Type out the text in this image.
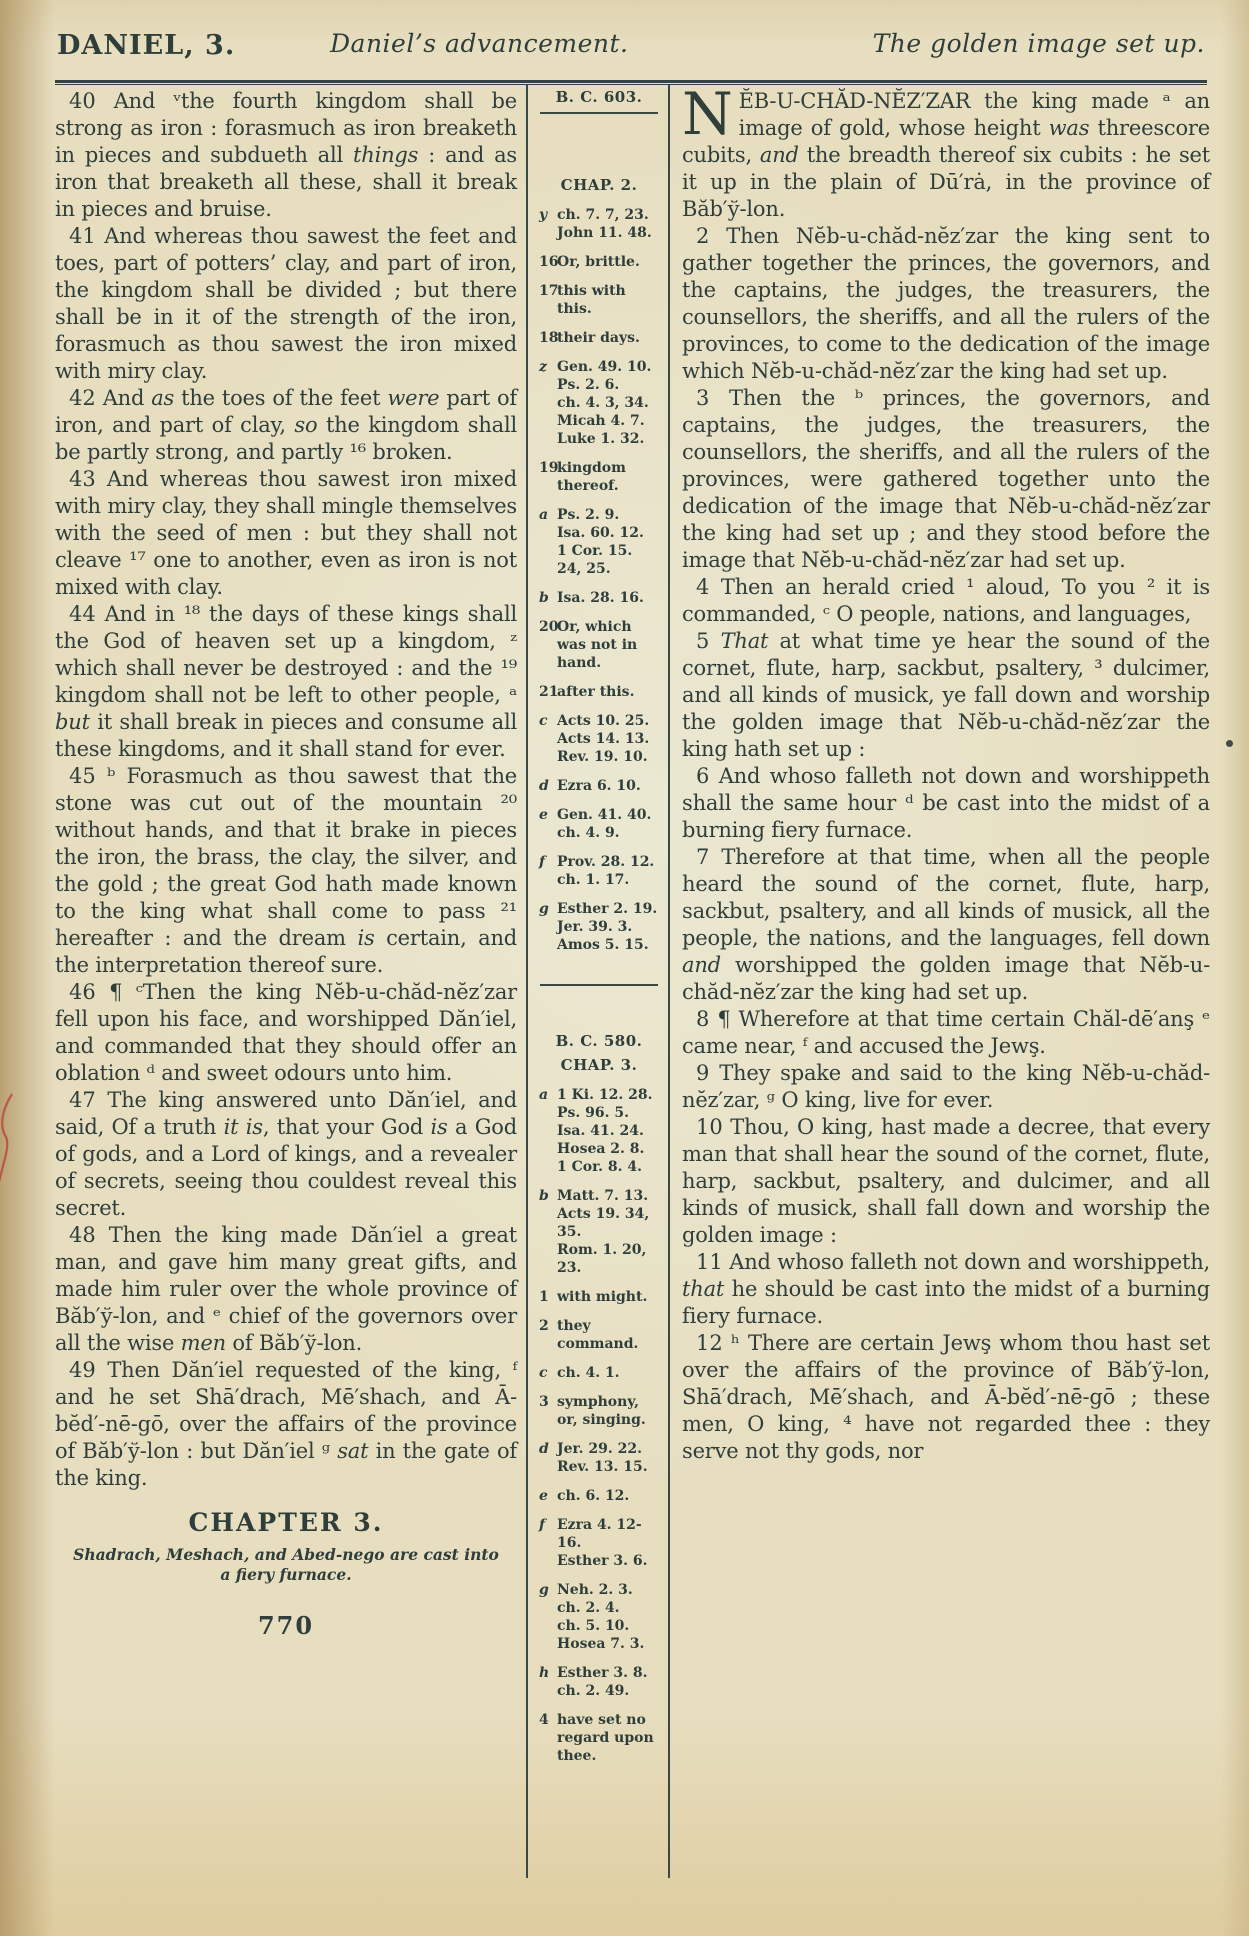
DANIEL, 3.	Daniel’s advancement.	The golden image set up.

40 And ᵛthe fourth kingdom shall be strong as iron : forasmuch as iron breaketh in pieces and subdueth all things : and as iron that breaketh all these, shall it break in pieces and bruise.

41 And whereas thou sawest the feet and toes, part of potters’ clay, and part of iron, the kingdom shall be divided ; but there shall be in it of the strength of the iron, forasmuch as thou sawest the iron mixed with miry clay.

42 And as the toes of the feet were part of iron, and part of clay, so the kingdom shall be partly strong, and partly ¹⁶ broken.

43 And whereas thou sawest iron mixed with miry clay, they shall mingle themselves with the seed of men : but they shall not cleave ¹⁷ one to another, even as iron is not mixed with clay.

44 And in ¹⁸ the days of these kings shall the God of heaven set up a kingdom, ᶻ which shall never be destroyed : and the ¹⁹ kingdom shall not be left to other people, ᵃ but it shall break in pieces and consume all these kingdoms, and it shall stand for ever.

45 ᵇ Forasmuch as thou sawest that the stone was cut out of the mountain ²⁰ without hands, and that it brake in pieces the iron, the brass, the clay, the silver, and the gold ; the great God hath made known to the king what shall come to pass ²¹ hereafter : and the dream is certain, and the interpretation thereof sure.

46 ¶ ᶜThen the king Nĕb-u-chăd-nĕz′zar fell upon his face, and worshipped Dăn′iel, and commanded that they should offer an oblation ᵈ and sweet odours unto him.

47 The king answered unto Dăn′iel, and said, Of a truth it is, that your God is a God of gods, and a Lord of kings, and a revealer of secrets, seeing thou couldest reveal this secret.

48 Then the king made Dăn′iel a great man, and gave him many great gifts, and made him ruler over the whole province of Băb′ў-lon, and ᵉ chief of the governors over all the wise men of Băb′ў-lon.

49 Then Dăn′iel requested of the king, ᶠ and he set Shā′drach, Mē′shach, and Ā-bĕd′-nē-gō, over the affairs of the province of Băb′ў-lon : but Dăn′iel ᵍ sat in the gate of the king.

CHAPTER 3.

Shadrach, Meshach, and Abed-nego are cast into a fiery furnace.

770
B. C. 603.
CHAP. 2.
y ch. 7. 7, 23.
John 11. 48.
16
Or, brittle.
17
this with this.
18
their days.
z Gen. 49. 10.
Ps. 2. 6.
ch. 4. 3, 34.
Micah 4. 7.
Luke 1. 32.
19
kingdom thereof.
a Ps. 2. 9.
Isa. 60. 12.
1 Cor. 15. 24, 25.
b Isa. 28. 16.
20
Or, which was not in hand.
21
after this.
c Acts 10. 25.
Acts 14. 13.
Rev. 19. 10.
d Ezra 6. 10.
e Gen. 41. 40.
ch. 4. 9.
f Prov. 28. 12.
ch. 1. 17.
g Esther 2. 19.
Jer. 39. 3.
Amos 5. 15.
B. C. 580.
CHAP. 3.
a 1 Ki. 12. 28.
Ps. 96. 5.
Isa. 41. 24.
Hosea 2. 8.
1 Cor. 8. 4.
b Matt. 7. 13.
Acts 19. 34, 35.
Rom. 1. 20, 23.
1 with might.
2 they command.
c ch. 4. 1.
3 symphony, or, singing.
d Jer. 29. 22.
Rev. 13. 15.
e ch. 6. 12.
f Ezra 4. 12-16.
Esther 3. 6.
g Neh. 2. 3.
ch. 2. 4.
ch. 5. 10.
Hosea 7. 3.
h Esther 3. 8.
ch. 2. 49.
4 have set no regard upon thee.

NĔB-U-CHĂD-NĔZ′ZAR the king made ᵃ an image of gold, whose height was threescore cubits, and the breadth thereof six cubits : he set it up in the plain of Dū′rȧ, in the province of Băb′ў-lon.

2 Then Nĕb-u-chăd-nĕz′zar the king sent to gather together the princes, the governors, and the captains, the judges, the treasurers, the counsellors, the sheriffs, and all the rulers of the provinces, to come to the dedication of the image which Nĕb-u-chăd-nĕz′zar the king had set up.

3 Then the ᵇ princes, the governors, and captains, the judges, the treasurers, the counsellors, the sheriffs, and all the rulers of the provinces, were gathered together unto the dedication of the image that Nĕb-u-chăd-nĕz′zar the king had set up ; and they stood before the image that Nĕb-u-chăd-nĕz′zar had set up.

4 Then an herald cried ¹ aloud, To you ² it is commanded, ᶜ O people, nations, and languages,

5 That at what time ye hear the sound of the cornet, flute, harp, sackbut, psaltery, ³ dulcimer, and all kinds of musick, ye fall down and worship the golden image that Nĕb-u-chăd-nĕz′zar the king hath set up :

6 And whoso falleth not down and worshippeth shall the same hour ᵈ be cast into the midst of a burning fiery furnace.

7 Therefore at that time, when all the people heard the sound of the cornet, flute, harp, sackbut, psaltery, and all kinds of musick, all the people, the nations, and the languages, fell down and worshipped the golden image that Nĕb-u-chăd-nĕz′zar the king had set up.

8 ¶ Wherefore at that time certain Chăl-dē′anş ᵉ came near, ᶠ and accused the Jewş.

9 They spake and said to the king Nĕb-u-chăd-nĕz′zar, ᵍ O king, live for ever.

10 Thou, O king, hast made a decree, that every man that shall hear the sound of the cornet, flute, harp, sackbut, psaltery, and dulcimer, and all kinds of musick, shall fall down and worship the golden image :

11 And whoso falleth not down and worshippeth, that he should be cast into the midst of a burning fiery furnace.

12 ʰ There are certain Jewş whom thou hast set over the affairs of the province of Băb′ў-lon, Shā′drach, Mē′shach, and Ā-bĕd′-nē-gō ; these men, O king, ⁴ have not regarded thee : they serve not thy gods, nor
